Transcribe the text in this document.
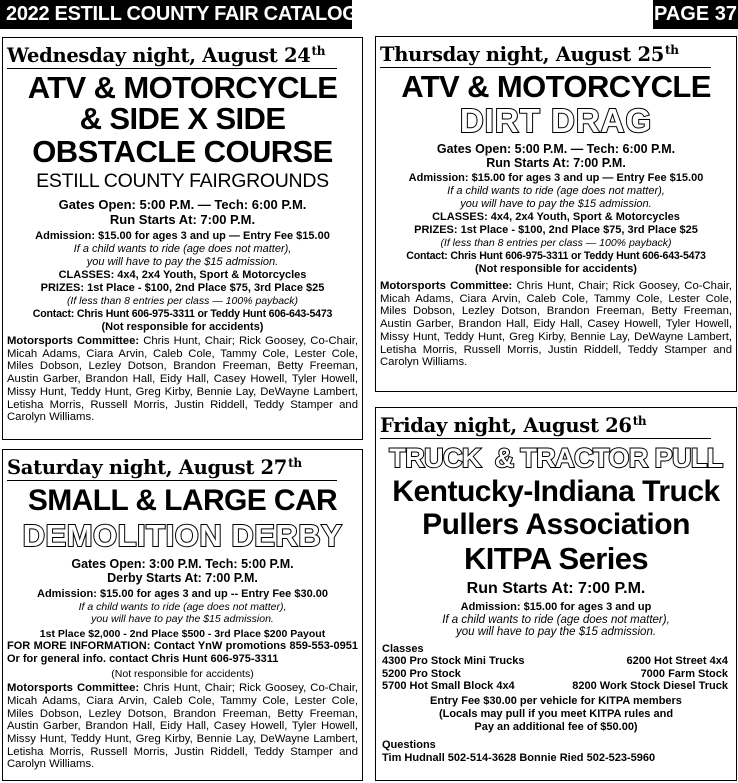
2022 ESTILL COUNTY FAIR CATALOGUE	PAGE 37
Wednesday night, August 24th
ATV & MOTORCYCLE
& SIDE X SIDE
OBSTACLE COURSE
ESTILL COUNTY FAIRGROUNDS
Gates Open: 5:00 P.M. — Tech: 6:00 P.M.
Run Starts At: 7:00 P.M.
Admission: $15.00 for ages 3 and up — Entry Fee $15.00
If a child wants to ride (age does not matter),
you will have to pay the $15 admission.
CLASSES: 4x4, 2x4 Youth, Sport & Motorcycles
PRIZES: 1st Place - $100, 2nd Place $75, 3rd Place $25
(If less than 8 entries per class — 100% payback)
Contact: Chris Hunt 606-975-3311 or Teddy Hunt 606-643-5473
(Not responsible for accidents)
Motorsports Committee: Chris Hunt, Chair; Rick Goosey, Co-Chair, Micah Adams, Ciara Arvin, Caleb Cole, Tammy Cole, Lester Cole, Miles Dobson, Lezley Dotson, Brandon Freeman, Betty Freeman, Austin Garber, Brandon Hall, Eidy Hall, Casey Howell, Tyler Howell, Missy Hunt, Teddy Hunt, Greg Kirby, Bennie Lay, DeWayne Lambert, Letisha Morris, Russell Morris, Justin Riddell, Teddy Stamper and Carolyn Williams.
Thursday night, August 25th
ATV & MOTORCYCLE
DIRT DRAG
Gates Open: 5:00 P.M. — Tech: 6:00 P.M.
Run Starts At: 7:00 P.M.
Admission: $15.00 for ages 3 and up — Entry Fee $15.00
If a child wants to ride (age does not matter),
you will have to pay the $15 admission.
CLASSES: 4x4, 2x4 Youth, Sport & Motorcycles
PRIZES: 1st Place - $100, 2nd Place $75, 3rd Place $25
(If less than 8 entries per class — 100% payback)
Contact: Chris Hunt 606-975-3311 or Teddy Hunt 606-643-5473
(Not responsible for accidents)
Motorsports Committee: Chris Hunt, Chair; Rick Goosey, Co-Chair, Micah Adams, Ciara Arvin, Caleb Cole, Tammy Cole, Lester Cole, Miles Dobson, Lezley Dotson, Brandon Freeman, Betty Freeman, Austin Garber, Brandon Hall, Eidy Hall, Casey Howell, Tyler Howell, Missy Hunt, Teddy Hunt, Greg Kirby, Bennie Lay, DeWayne Lambert, Letisha Morris, Russell Morris, Justin Riddell, Teddy Stamper and Carolyn Williams.
Saturday night, August 27th
SMALL & LARGE CAR
DEMOLITION DERBY
Gates Open: 3:00 P.M. Tech: 5:00 P.M.
Derby Starts At: 7:00 P.M.
Admission: $15.00 for ages 3 and up -- Entry Fee $30.00
If a child wants to ride (age does not matter),
you will have to pay the $15 admission.
1st Place $2,000 - 2nd Place $500 - 3rd Place $200 Payout
FOR MORE INFORMATION: Contact YnW promotions 859-553-0951 Or for general info. contact Chris Hunt 606-975-3311
(Not responsible for accidents)
Motorsports Committee: Chris Hunt, Chair; Rick Goosey, Co-Chair, Micah Adams, Ciara Arvin, Caleb Cole, Tammy Cole, Lester Cole, Miles Dobson, Lezley Dotson, Brandon Freeman, Betty Freeman, Austin Garber, Brandon Hall, Eidy Hall, Casey Howell, Tyler Howell, Missy Hunt, Teddy Hunt, Greg Kirby, Bennie Lay, DeWayne Lambert, Letisha Morris, Russell Morris, Justin Riddell, Teddy Stamper and Carolyn Williams.
Friday night, August 26th
TRUCK  & TRACTOR PULL
Kentucky-Indiana Truck
Pullers Association
KITPA Series
Run Starts At: 7:00 P.M.
Admission: $15.00 for ages 3 and up
If a child wants to ride (age does not matter),
you will have to pay the $15 admission.
Classes
4300 Pro Stock Mini Trucks	6200 Hot Street 4x4
5200 Pro Stock	7000 Farm Stock
5700 Hot Small Block 4x4	8200 Work Stock Diesel Truck
Entry Fee $30.00 per vehicle for KITPA members
(Locals may pull if you meet KITPA rules and
Pay an additional fee of $50.00)
Questions
Tim Hudnall 502-514-3628 Bonnie Ried 502-523-5960
